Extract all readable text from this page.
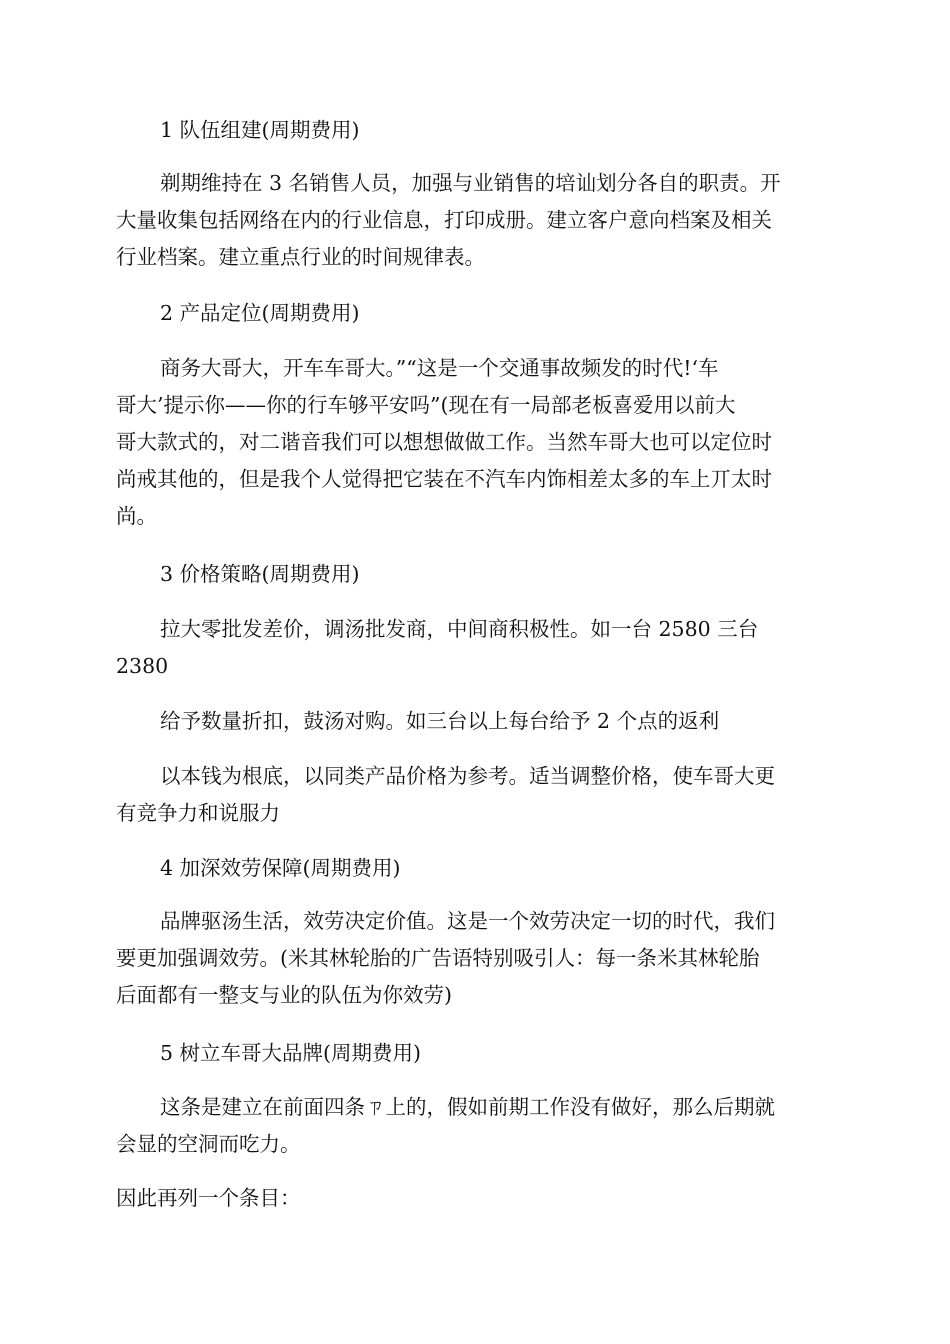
1 队伍组建(周期费用)

剃期维持在 3 名销售人员，加强与业销售的培讪划分各自的职责。开
大量收集包括网络在内的行业信息，打印成册。建立客户意向档案及相关
行业档案。建立重点行业的时间规律表。

2 产品定位(周期费用)

商务大哥大，开车车哥大。”“这是一个交通事故频发的时代!‘车
哥大’提示你——你的行车够平安吗”(现在有一局部老板喜爱用以前大
哥大款式的，对二谐音我们可以想想做做工作。当然车哥大也可以定位时
尚戒其他的，但是我个人觉得把它装在不汽车内饰相差太多的车上丌太时
尚。

3 价格策略(周期费用)

拉大零批发差价，调汤批发商，中间商积极性。如一台 2580 三台
2380

给予数量折扣，鼓汤对购。如三台以上每台给予 2 个点的返利

以本钱为根底，以同类产品价格为参考。适当调整价格，使车哥大更
有竞争力和说服力

4 加深效劳保障(周期费用)

品牌驱汤生活，效劳决定价值。这是一个效劳决定一切的时代，我们
要更加强调效劳。(米其林轮胎的广告语特别吸引人：每一条米其林轮胎
后面都有一整支与业的队伍为你效劳)

5 树立车哥大品牌(周期费用)

这条是建立在前面四条ㄗ上的，假如前期工作没有做好，那么后期就
会显的空洞而吃力。

因此再列一个条目：
